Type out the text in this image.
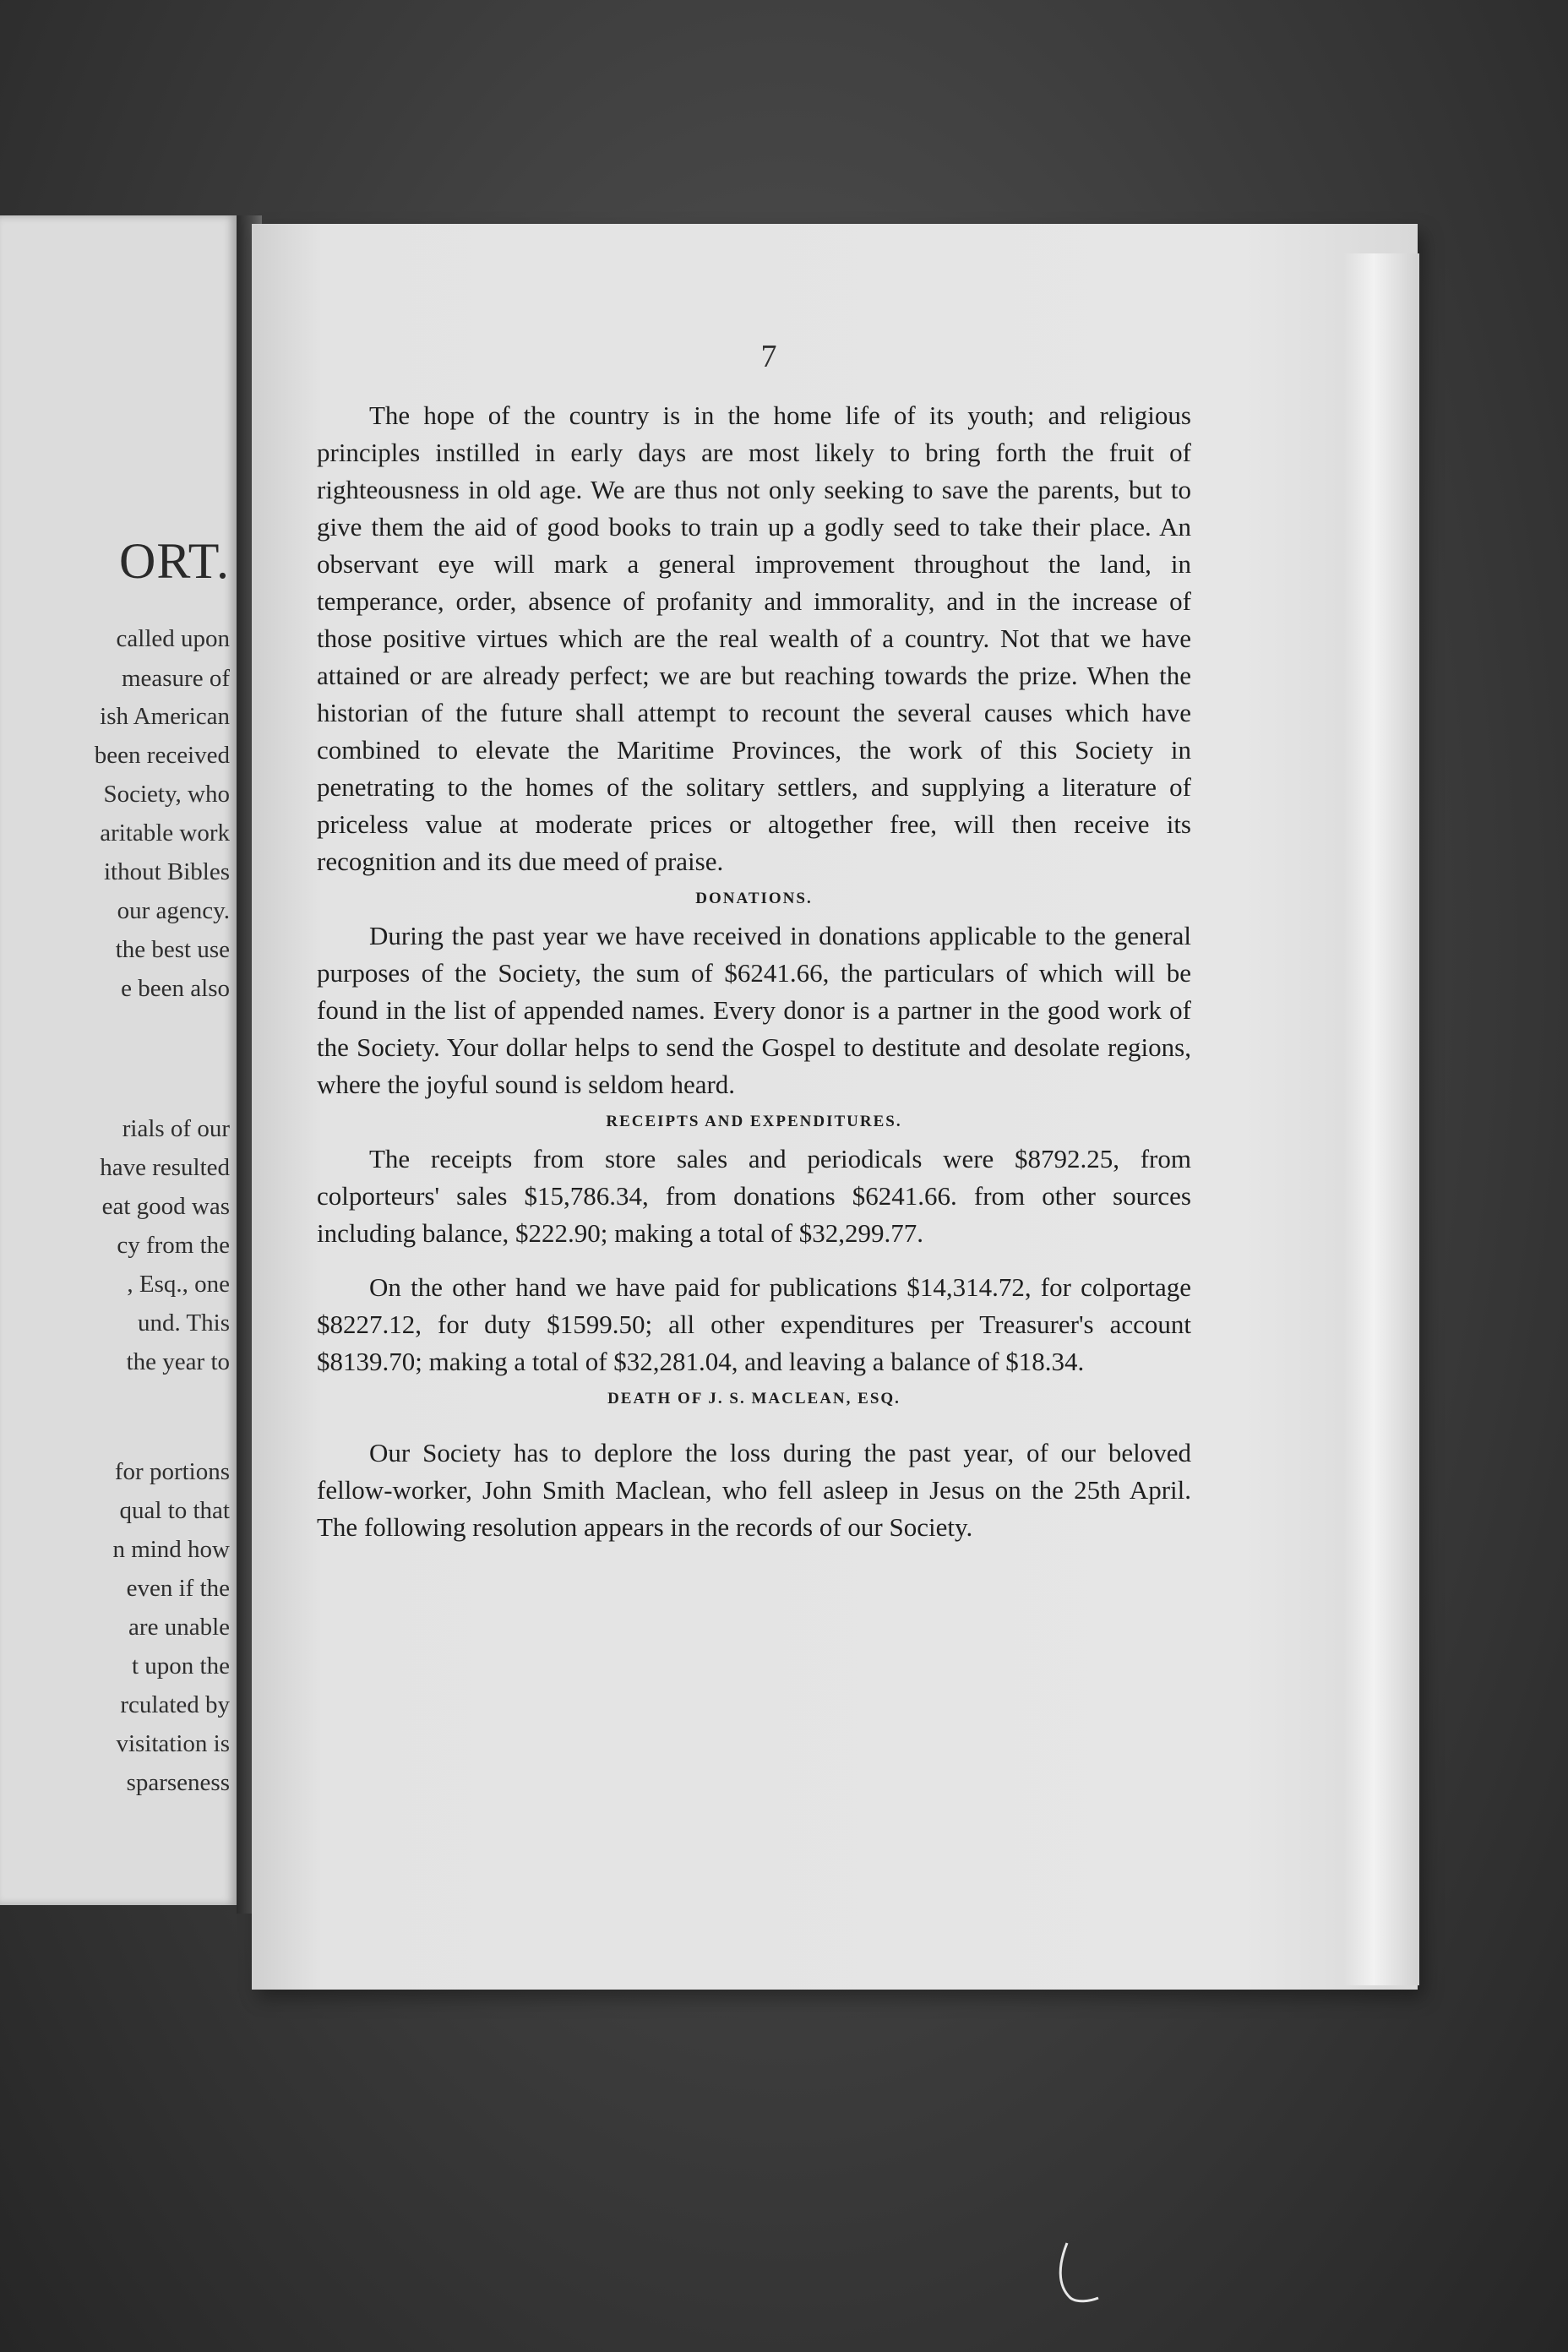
ORT.
called upon
measure of
ish American
been received
Society, who
aritable work
ithout Bibles
our agency.
the best use
e been also
rials of our
have resulted
eat good was
cy from the
, Esq., one
und. This
the year to
for portions
qual to that
n mind how
even if the
are unable
t upon the
rculated by
visitation is
sparseness
7

The hope of the country is in the home life of its youth; and religious principles instilled in early days are most likely to bring forth the fruit of righteousness in old age. We are thus not only seeking to save the parents, but to give them the aid of good books to train up a godly seed to take their place. An observant eye will mark a general improvement throughout the land, in temperance, order, absence of profanity and immorality, and in the increase of those positive virtues which are the real wealth of a country. Not that we have attained or are already perfect; we are but reaching towards the prize. When the historian of the future shall attempt to recount the several causes which have combined to elevate the Maritime Provinces, the work of this Society in penetrating to the homes of the solitary settlers, and supplying a literature of priceless value at moderate prices or altogether free, will then receive its recognition and its due meed of praise.

DONATIONS.

During the past year we have received in donations applicable to the general purposes of the Society, the sum of $6241.66, the particulars of which will be found in the list of appended names. Every donor is a partner in the good work of the Society. Your dollar helps to send the Gospel to destitute and desolate regions, where the joyful sound is seldom heard.

RECEIPTS AND EXPENDITURES.

The receipts from store sales and periodicals were $8792.25, from colporteurs' sales $15,786.34, from donations $6241.66. from other sources including balance, $222.90; making a total of $32,299.77.

On the other hand we have paid for publications $14,314.72, for colportage $8227.12, for duty $1599.50; all other expenditures per Treasurer's account $8139.70; making a total of $32,281.04, and leaving a balance of $18.34.

DEATH OF J. S. MACLEAN, ESQ.

Our Society has to deplore the loss during the past year, of our beloved fellow-worker, John Smith Maclean, who fell asleep in Jesus on the 25th April. The following resolution appears in the records of our Society.
